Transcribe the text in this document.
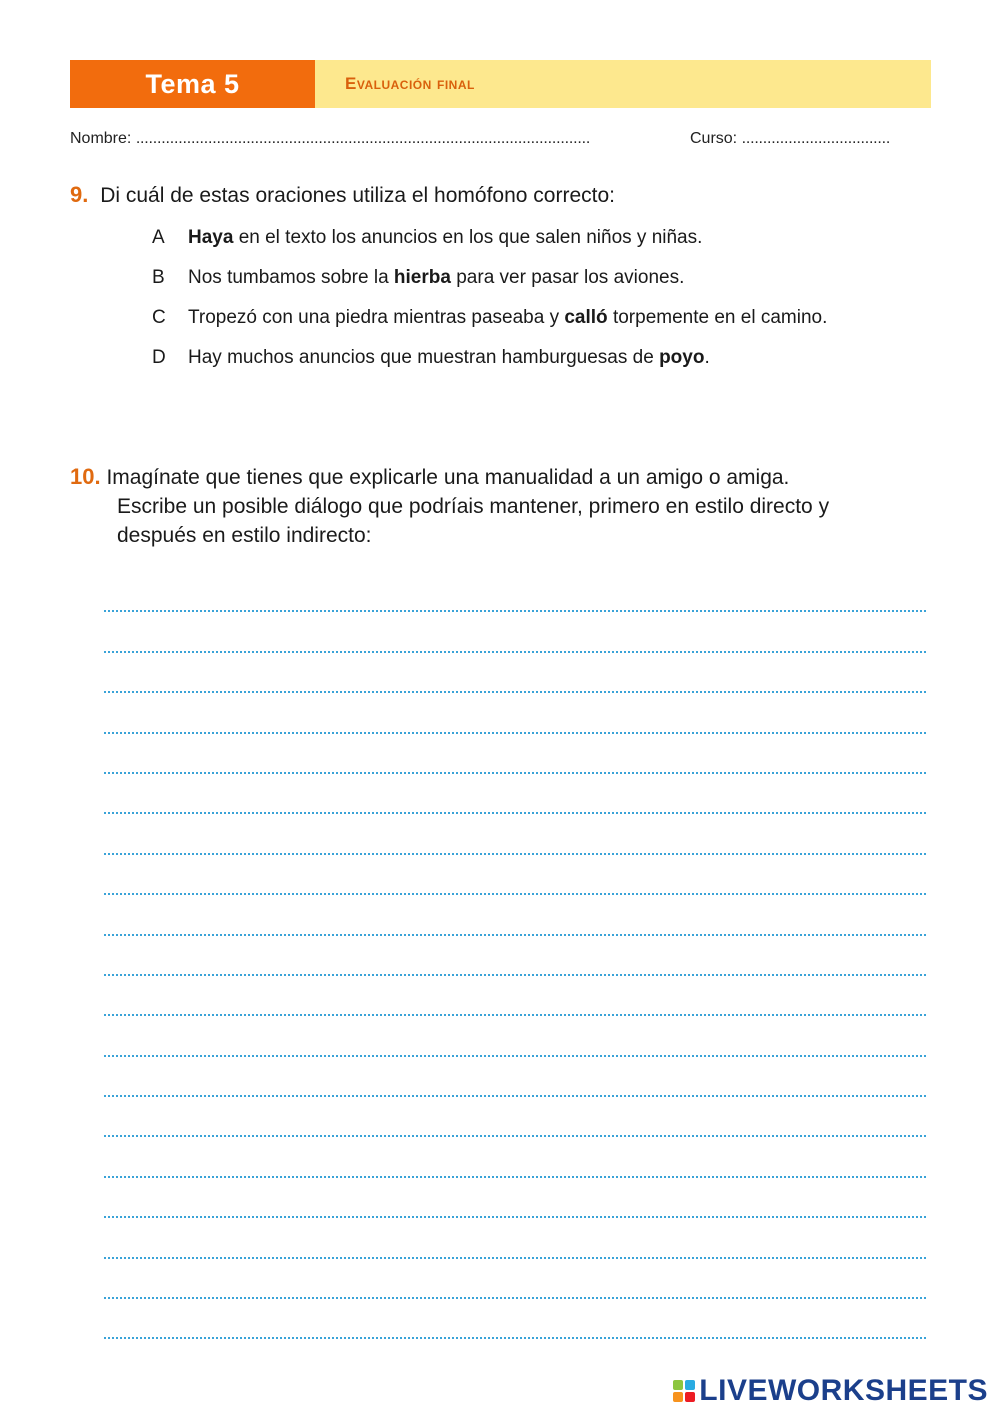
Tema 5	Evaluación final
Nombre: ...........................................................................................................	Curso: ...................................
9. Di cuál de estas oraciones utiliza el homófono correcto:
A	Haya en el texto los anuncios en los que salen niños y niñas.
B	Nos tumbamos sobre la hierba para ver pasar los aviones.
C	Tropezó con una piedra mientras paseaba y calló torpemente en el camino.
D	Hay muchos anuncios que muestran hamburguesas de poyo.
10. Imagínate que tienes que explicarle una manualidad a un amigo o amiga. Escribe un posible diálogo que podríais mantener, primero en estilo directo y después en estilo indirecto:
LIVEWORKSHEETS
